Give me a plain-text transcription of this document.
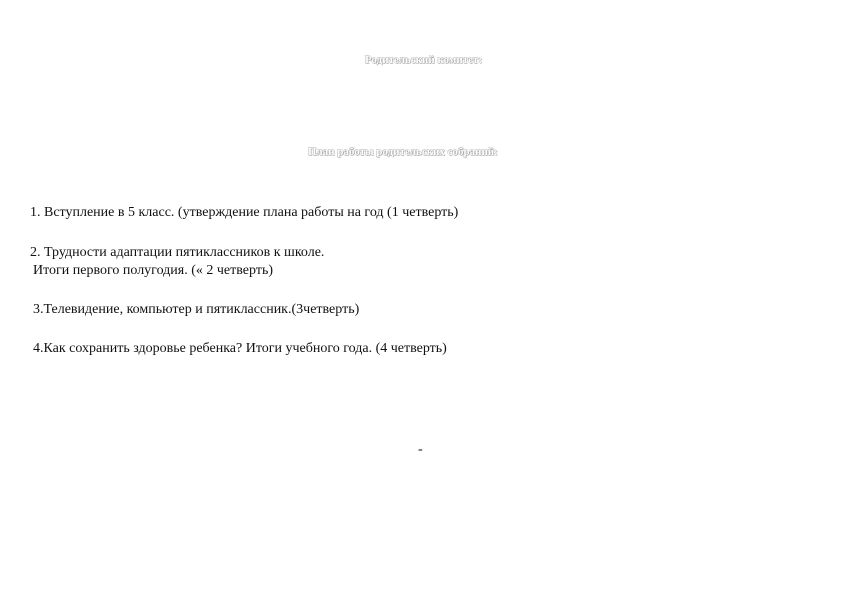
Родительский комитет:
План работы родительских собраний:
1. Вступление в 5 класс. (утверждение плана работы на год (1 четверть)
2. Трудности адаптации пятиклассников к школе.
Итоги первого полугодия. (« 2 четверть)
3.Телевидение, компьютер и пятиклассник.(3четверть)
4.Как сохранить здоровье ребенка? Итоги учебного года. (4 четверть)
-
